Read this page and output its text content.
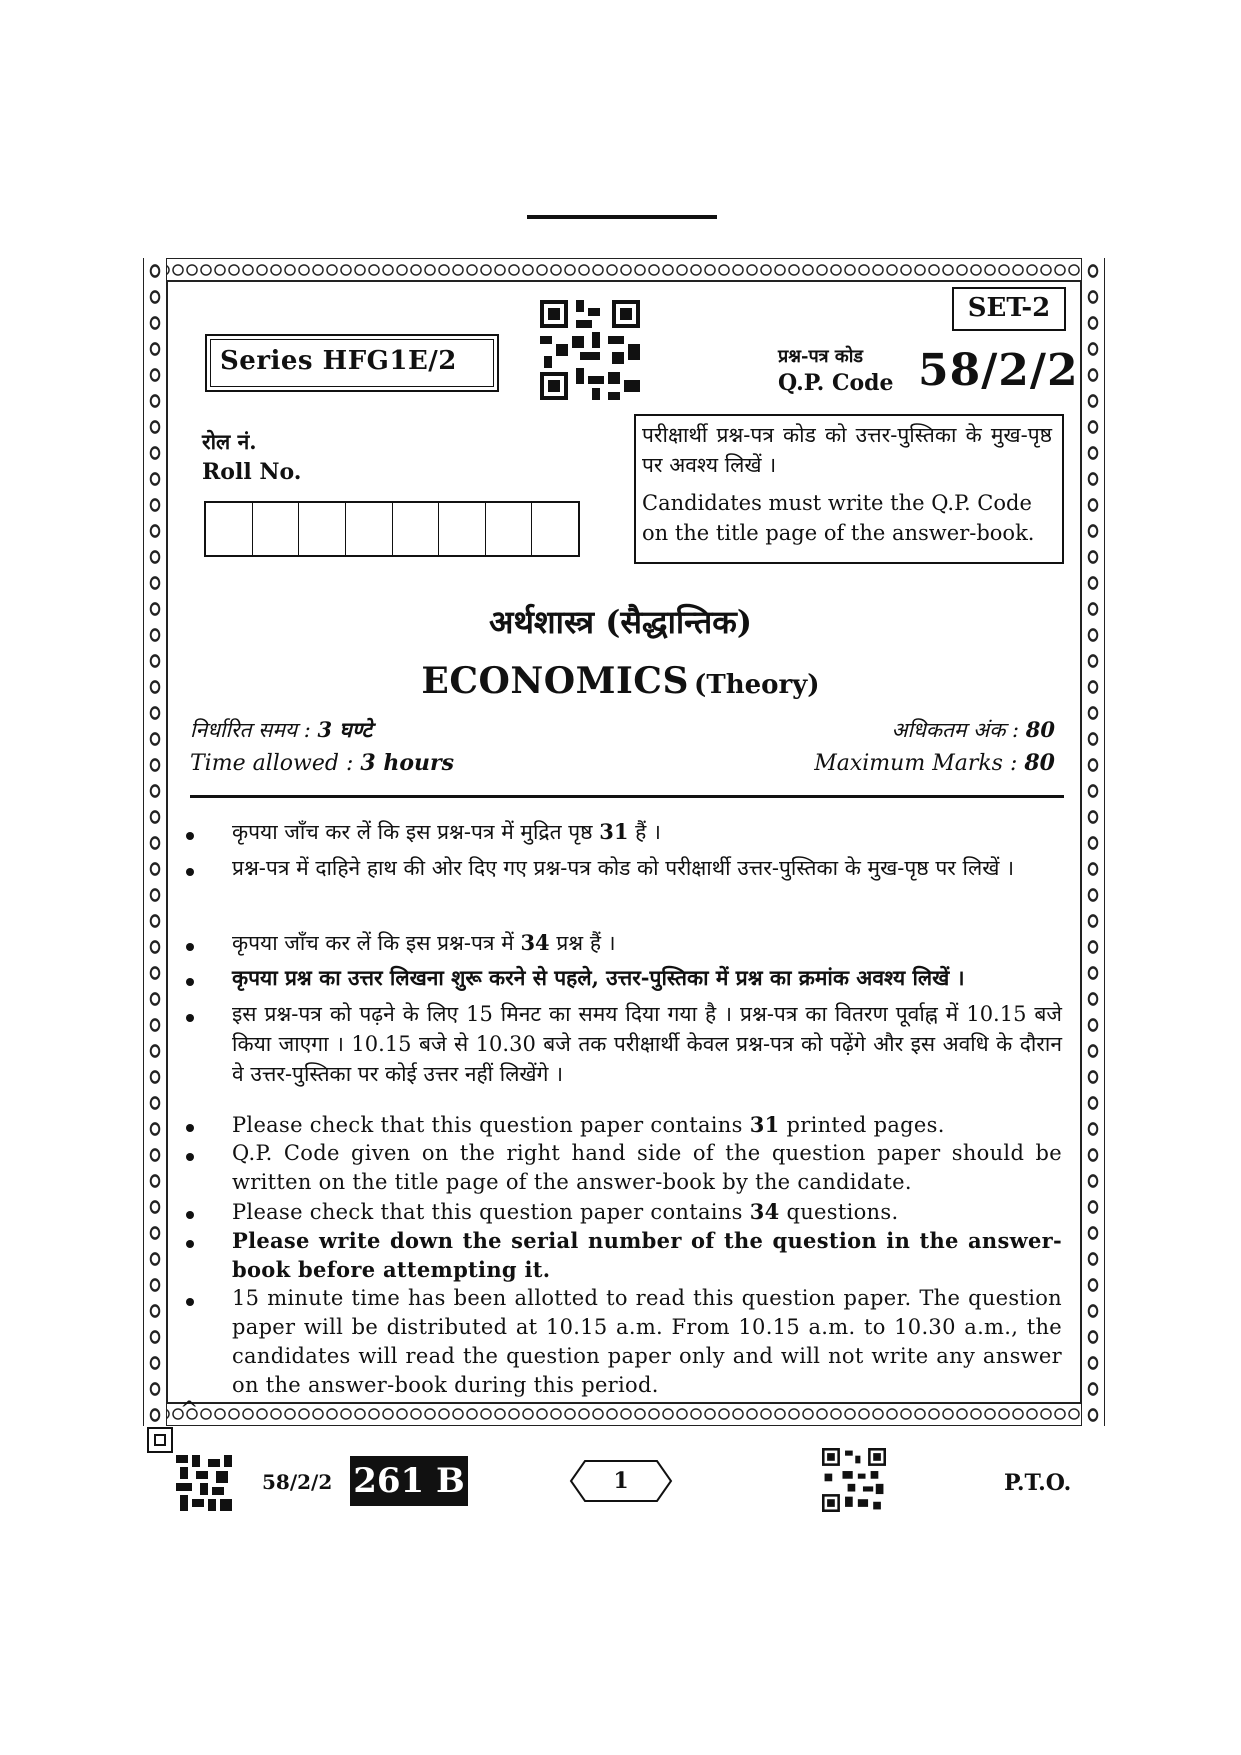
Series HFG1E/2
SET-2
प्रश्न-पत्र कोड
Q.P. Code 58/2/2
रोल नं.
Roll No.
परीक्षार्थी प्रश्न-पत्र कोड को उत्तर-पुस्तिका के मुख-पृष्ठ पर अवश्य लिखें ।
Candidates must write the Q.P. Code on the title page of the answer-book.
अर्थशास्त्र (सैद्धान्तिक)
ECONOMICS (Theory)
निर्धारित समय : 3 घण्टे
Time allowed : 3 hours
अधिकतम अंक : 80
Maximum Marks : 80
कृपया जाँच कर लें कि इस प्रश्न-पत्र में मुद्रित पृष्ठ 31 हैं ।
प्रश्न-पत्र में दाहिने हाथ की ओर दिए गए प्रश्न-पत्र कोड को परीक्षार्थी उत्तर-पुस्तिका के मुख-पृष्ठ पर लिखें ।
कृपया जाँच कर लें कि इस प्रश्न-पत्र में 34 प्रश्न हैं ।
कृपया प्रश्न का उत्तर लिखना शुरू करने से पहले, उत्तर-पुस्तिका में प्रश्न का क्रमांक अवश्य लिखें ।
इस प्रश्न-पत्र को पढ़ने के लिए 15 मिनट का समय दिया गया है । प्रश्न-पत्र का वितरण पूर्वाह्न में 10.15 बजे किया जाएगा । 10.15 बजे से 10.30 बजे तक परीक्षार्थी केवल प्रश्न-पत्र को पढ़ेंगे और इस अवधि के दौरान वे उत्तर-पुस्तिका पर कोई उत्तर नहीं लिखेंगे ।
Please check that this question paper contains 31 printed pages.
Q.P. Code given on the right hand side of the question paper should be written on the title page of the answer-book by the candidate.
Please check that this question paper contains 34 questions.
Please write down the serial number of the question in the answer-book before attempting it.
15 minute time has been allotted to read this question paper. The question paper will be distributed at 10.15 a.m. From 10.15 a.m. to 10.30 a.m., the candidates will read the question paper only and will not write any answer on the answer-book during this period.
^
58/2/2 261 B	1	P.T.O.
